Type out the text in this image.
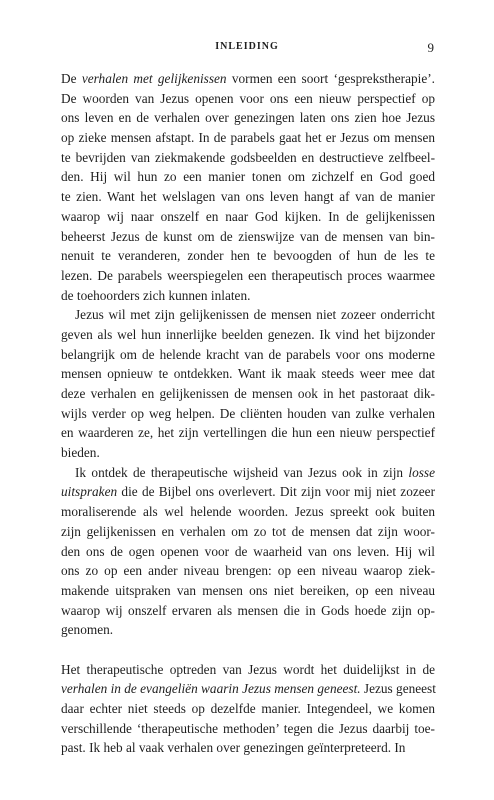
INLEIDING	9
De verhalen met gelijkenissen vormen een soort ‘gesprekstherapie’.
De woorden van Jezus openen voor ons een nieuw perspectief op
ons leven en de verhalen over genezingen laten ons zien hoe Jezus
op zieke mensen afstapt. In de parabels gaat het er Jezus om mensen
te bevrijden van ziekmakende godsbeelden en destructieve zelfbeel-
den. Hij wil hun zo een manier tonen om zichzelf en God goed
te zien. Want het welslagen van ons leven hangt af van de manier
waarop wij naar onszelf en naar God kijken. In de gelijkenissen
beheerst Jezus de kunst om de zienswijze van de mensen van bin-
nenuit te veranderen, zonder hen te bevoogden of hun de les te
lezen. De parabels weerspiegelen een therapeutisch proces waarmee
de toehoorders zich kunnen inlaten.
Jezus wil met zijn gelijkenissen de mensen niet zozeer onderricht
geven als wel hun innerlijke beelden genezen. Ik vind het bijzonder
belangrijk om de helende kracht van de parabels voor ons moderne
mensen opnieuw te ontdekken. Want ik maak steeds weer mee dat
deze verhalen en gelijkenissen de mensen ook in het pastoraat dik-
wijls verder op weg helpen. De cliënten houden van zulke verhalen
en waarderen ze, het zijn vertellingen die hun een nieuw perspectief
bieden.
Ik ontdek de therapeutische wijsheid van Jezus ook in zijn losse
uitspraken die de Bijbel ons overlevert. Dit zijn voor mij niet zozeer
moraliserende als wel helende woorden. Jezus spreekt ook buiten
zijn gelijkenissen en verhalen om zo tot de mensen dat zijn woor-
den ons de ogen openen voor de waarheid van ons leven. Hij wil
ons zo op een ander niveau brengen: op een niveau waarop ziek-
makende uitspraken van mensen ons niet bereiken, op een niveau
waarop wij onszelf ervaren als mensen die in Gods hoede zijn op-
genomen.
Het therapeutische optreden van Jezus wordt het duidelijkst in de
verhalen in de evangeliën waarin Jezus mensen geneest. Jezus geneest
daar echter niet steeds op dezelfde manier. Integendeel, we komen
verschillende ‘therapeutische methoden’ tegen die Jezus daarbij toe-
past. Ik heb al vaak verhalen over genezingen geïnterpreteerd. In
